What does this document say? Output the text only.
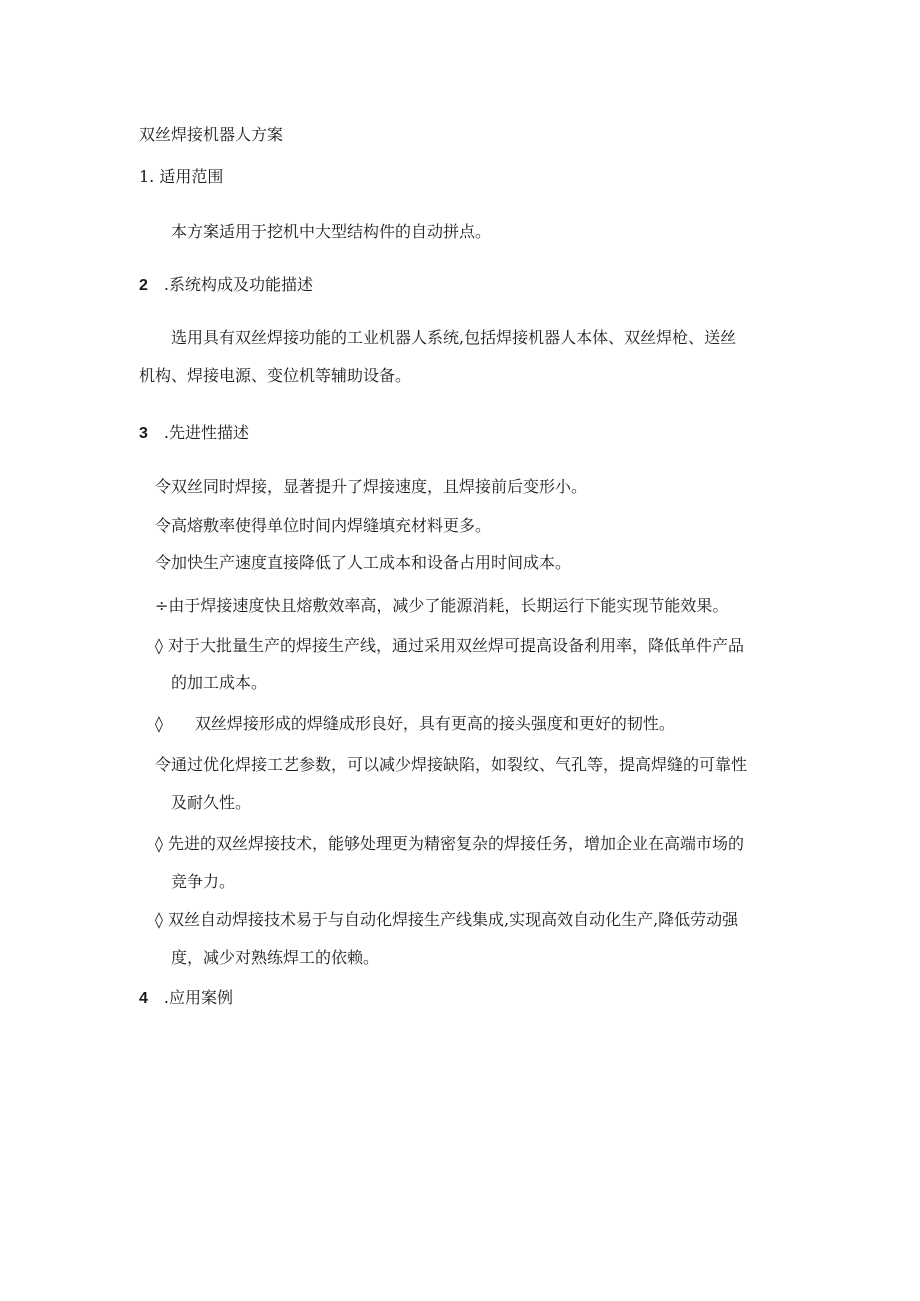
双丝焊接机器人方案
1. 适用范围
本方案适用于挖机中大型结构件的自动拼点。
2 .系统构成及功能描述
选用具有双丝焊接功能的工业机器人系统,包括焊接机器人本体、双丝焊枪、送丝
机构、焊接电源、变位机等辅助设备。
3 .先进性描述
令双丝同时焊接，显著提升了焊接速度，且焊接前后变形小。
令高熔敷率使得单位时间内焊缝填充材料更多。
令加快生产速度直接降低了人工成本和设备占用时间成本。
÷由于焊接速度快且熔敷效率高，减少了能源消耗，长期运行下能实现节能效果。
◊ 对于大批量生产的焊接生产线，通过采用双丝焊可提高设备利用率，降低单件产品
的加工成本。
◊ 双丝焊接形成的焊缝成形良好，具有更高的接头强度和更好的韧性。
令通过优化焊接工艺参数，可以减少焊接缺陷，如裂纹、气孔等，提高焊缝的可靠性
及耐久性。
◊ 先进的双丝焊接技术，能够处理更为精密复杂的焊接任务，增加企业在高端市场的
竞争力。
◊ 双丝自动焊接技术易于与自动化焊接生产线集成,实现高效自动化生产,降低劳动强
度，减少对熟练焊工的依赖。
4 .应用案例
